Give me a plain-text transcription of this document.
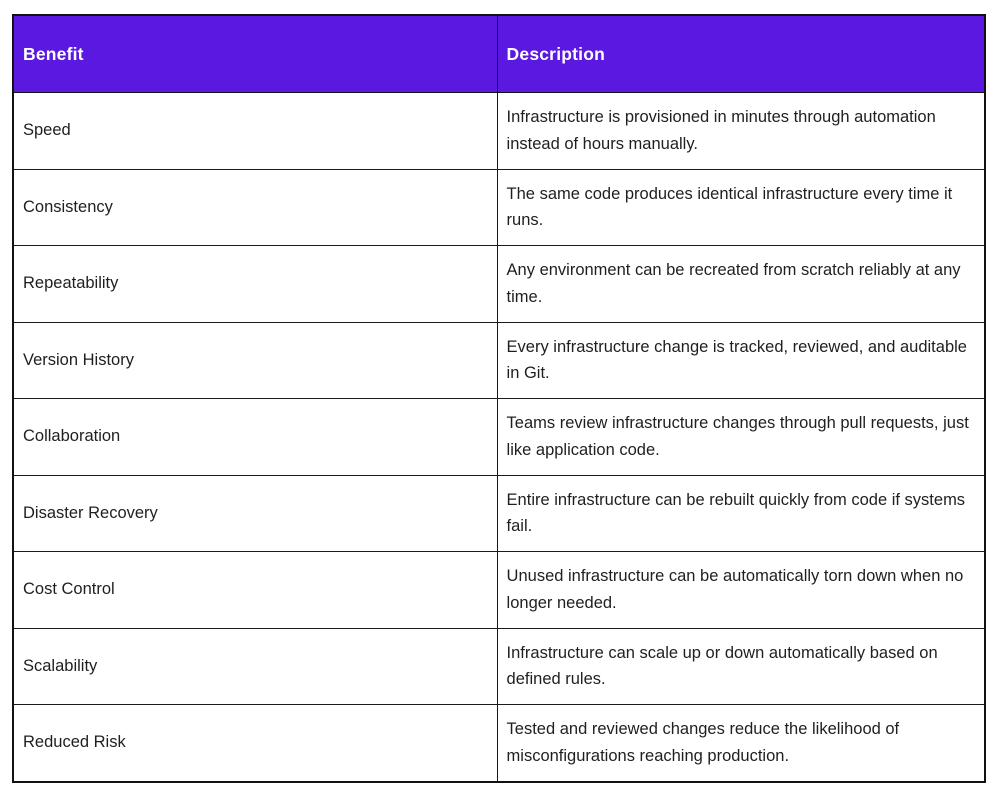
Benefit	Description
Speed	Infrastructure is provisioned in minutes through automation instead of hours manually.
Consistency	The same code produces identical infrastructure every time it runs.
Repeatability	Any environment can be recreated from scratch reliably at any time.
Version History	Every infrastructure change is tracked, reviewed, and auditable in Git.
Collaboration	Teams review infrastructure changes through pull requests, just like application code.
Disaster Recovery	Entire infrastructure can be rebuilt quickly from code if systems fail.
Cost Control	Unused infrastructure can be automatically torn down when no longer needed.
Scalability	Infrastructure can scale up or down automatically based on defined rules.
Reduced Risk	Tested and reviewed changes reduce the likelihood of misconfigurations reaching production.
